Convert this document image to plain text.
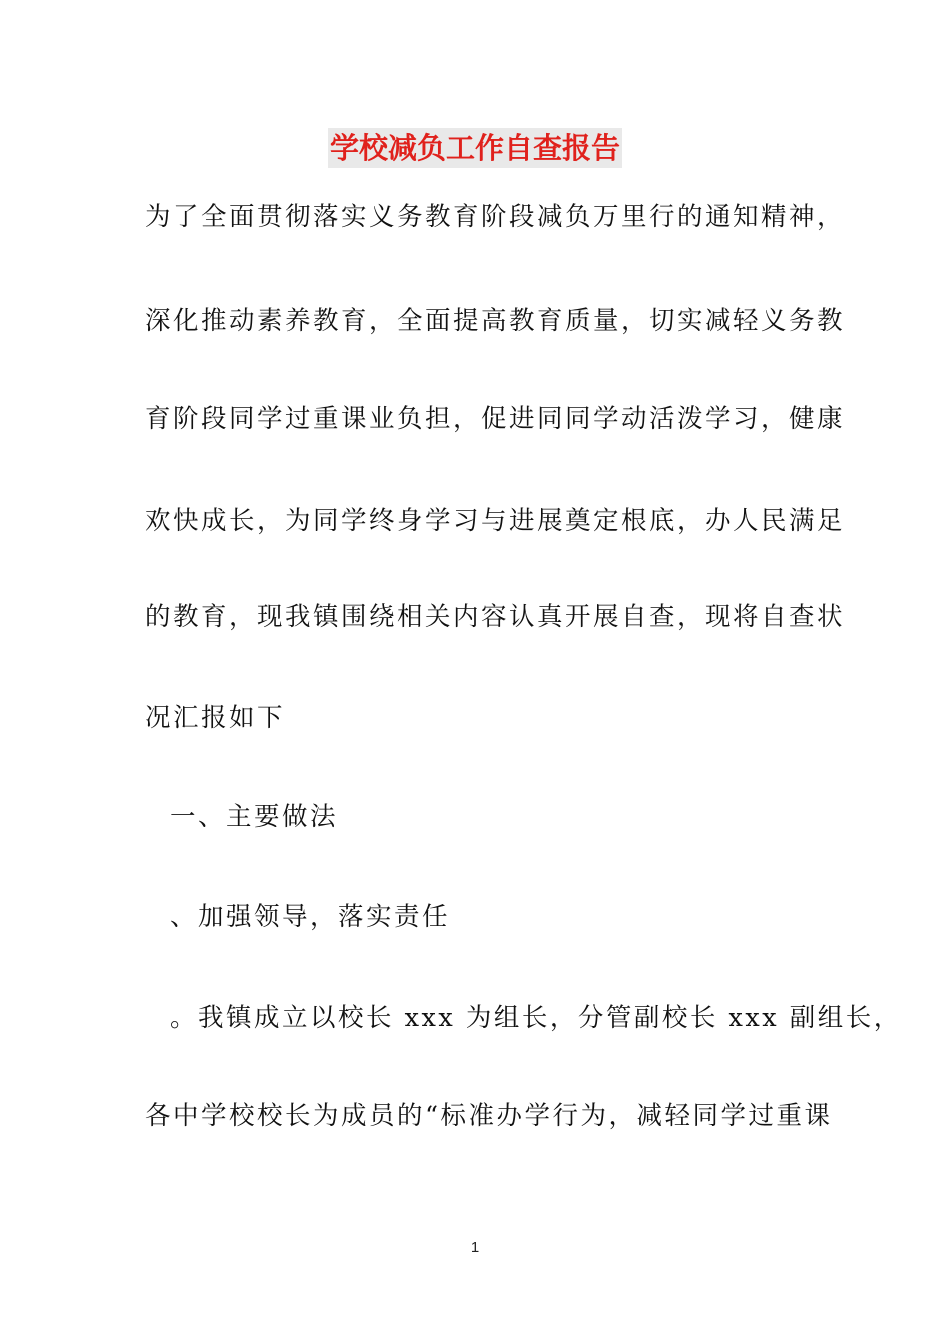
学校减负工作自查报告
为了全面贯彻落实义务教育阶段减负万里行的通知精神，
深化推动素养教育，全面提高教育质量，切实减轻义务教
育阶段同学过重课业负担，促进同同学动活泼学习，健康
欢快成长，为同学终身学习与进展奠定根底，办人民满足
的教育，现我镇围绕相关内容认真开展自查，现将自查状
况汇报如下
一、主要做法
、加强领导，落实责任
。我镇成立以校长 xxx 为组长，分管副校长 xxx 副组长，
各中学校校长为成员的“标准办学行为，减轻同学过重课
1
